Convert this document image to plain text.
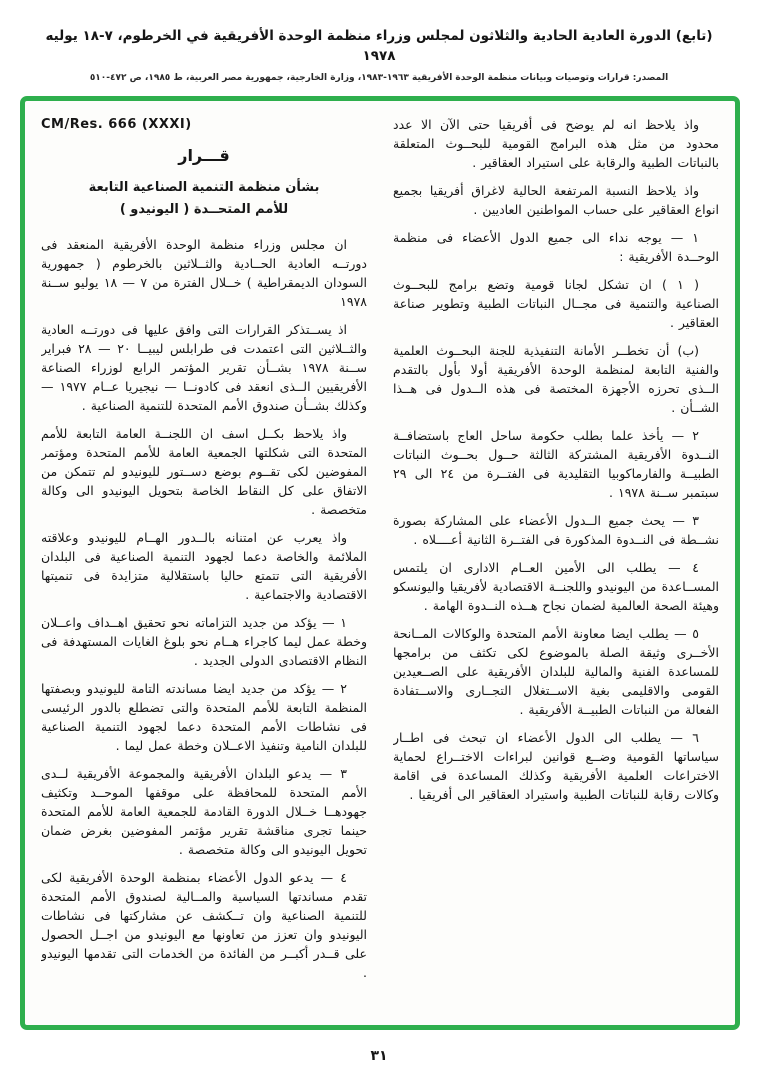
(تابع) الدورة العادية الحادية والثلاثون لمجلس وزراء منظمة الوحدة الأفريقية في الخرطوم، ٧-١٨ يوليه ١٩٧٨
المصدر: قرارات وتوصيات وبيانات منظمة الوحدة الأفريقية ١٩٦٣-١٩٨٣، وزارة الخارجية، جمهورية مصر العربية، ط ١٩٨٥، ص ٤٧٢-٥١٠

واذ يلاحظ انه لم يوضح فى أفريقيا حتى الآن الا عدد محدود من مثل هذه البرامج القومية للبحــوث المتعلقة بالنباتات الطبية والرقابة على استيراد العقاقير .

واذ يلاحظ النسبة المرتفعة الحالية لاغراق أفريقيا بجميع انواع العقاقير على حساب المواطنين العاديين .

١ — يوجه نداء الى جميع الدول الأعضاء فى منظمة الوحــدة الأفريقية :

( ١ ) ان تشكل لجانا قومية وتضع برامج للبحــوث الصناعية والتنمية فى مجــال النباتات الطبية وتطوير صناعة العقاقير .

(ب) أن تخطــر الأمانة التنفيذية للجنة البحــوث العلمية والفنية التابعة لمنظمة الوحدة الأفريقية أولا بأول بالتقدم الــذى تحرزه الأجهزة المختصة فى هذه الــدول فى هــذا الشــأن .

٢ — يأخذ علما بطلب حكومة ساحل العاج باستضافــة النــدوة الأفريقية المشتركة الثالثة حــول بحــوث النباتات الطبيــة والفارماكوبيا التقليدية فى الفتــرة من ٢٤ الى ٢٩ سبتمبر ســنة ١٩٧٨ .

٣ — يحث جميع الــدول الأعضاء على المشاركة بصورة نشــطة فى النــدوة المذكورة فى الفتــرة الثانية أعــــلاه .

٤ — يطلب الى الأمين العــام الادارى ان يلتمس المســاعدة من اليونيدو واللجنــة الاقتصادية لأفريقيا واليونسكو وهيئة الصحة العالمية لضمان نجاح هــذه النــدوة الهامة .

٥ — يطلب ايضا معاونة الأمم المتحدة والوكالات المــانحة الأخــرى وثيقة الصلة بالموضوع لكى تكثف من برامجها للمساعدة الفنية والمالية للبلدان الأفريقية على الصــعيدين القومى والاقليمى بغية الاســتغلال التجــارى والاســتفادة الفعالة من النباتات الطبيــة الأفريقية .

٦ — يطلب الى الدول الأعضاء ان تبحث فى اطــار سياساتها القومية وضــع قوانين لبراءات الاختــراع لحماية الاختراعات العلمية الأفريقية وكذلك المساعدة فى اقامة وكالات رقابة للنباتات الطبية واستيراد العقاقير الى أفريقيا .

CM/Res. 666 (XXXI)
قـــرار
بشأن منظمة التنمية الصناعية التابعة
للأمم المتحــدة ( اليونيدو )

ان مجلس وزراء منظمة الوحدة الأفريقية المنعقد فى دورتــه العادية الحــادية والثــلاثين بالخرطوم ( جمهورية السودان الديمقراطية ) خــلال الفترة من ٧ — ١٨ يوليو ســنة ١٩٧٨

اذ يســتذكر القرارات التى وافق عليها فى دورتــه العادية والثــلاثين التى اعتمدت فى طرابلس ليبيــا ٢٠ — ٢٨ فبراير ســنة ١٩٧٨ بشــأن تقرير المؤتمر الرابع لوزراء الصناعة الأفريقيين الــذى انعقد فى كادونــا — نيجيريا عــام ١٩٧٧ — وكذلك بشــأن صندوق الأمم المتحدة للتنمية الصناعية .

واذ يلاحظ بكــل اسف ان اللجنــة العامة التابعة للأمم المتحدة التى شكلتها الجمعية العامة للأمم المتحدة ومؤتمر المفوضين لكى تقــوم بوضع دســتور لليونيدو لم تتمكن من الاتفاق على كل النقاط الخاصة بتحويل اليونيدو الى وكالة متخصصة .

واذ يعرب عن امتنانه بالــدور الهــام لليونيدو وعلاقته الملائمة والخاصة دعما لجهود التنمية الصناعية فى البلدان الأفريقية التى تتمتع حاليا باستقلالية متزايدة فى تنميتها الاقتصادية والاجتماعية .

١ — يؤكد من جديد التزاماته نحو تحقيق اهــداف واعــلان وخطة عمل ليما كاجراء هــام نحو بلوغ الغايات المستهدفة فى النظام الاقتصادى الدولى الجديد .

٢ — يؤكد من جديد ايضا مساندته التامة لليونيدو وبصفتها المنظمة التابعة للأمم المتحدة والتى تضطلع بالدور الرئيسى فى نشاطات الأمم المتحدة دعما لجهود التنمية الصناعية للبلدان النامية وتنفيذ الاعــلان وخطة عمل ليما .

٣ — يدعو البلدان الأفريقية والمجموعة الأفريقية لــدى الأمم المتحدة للمحافظة على موقفها الموحــد وتكثيف جهودهــا خــلال الدورة القادمة للجمعية العامة للأمم المتحدة حينما تجرى مناقشة تقرير مؤتمر المفوضين بغرض ضمان تحويل اليونيدو الى وكالة متخصصة .

٤ — يدعو الدول الأعضاء بمنظمة الوحدة الأفريقية لكى تقدم مساندتها السياسية والمــالية لصندوق الأمم المتحدة للتنمية الصناعية وان تــكشف عن مشاركتها فى نشاطات اليونيدو وان تعزز من تعاونها مع اليونيدو من اجــل الحصول على قــدر أكبــر من الفائدة من الخدمات التى تقدمها اليونيدو .

٣١
